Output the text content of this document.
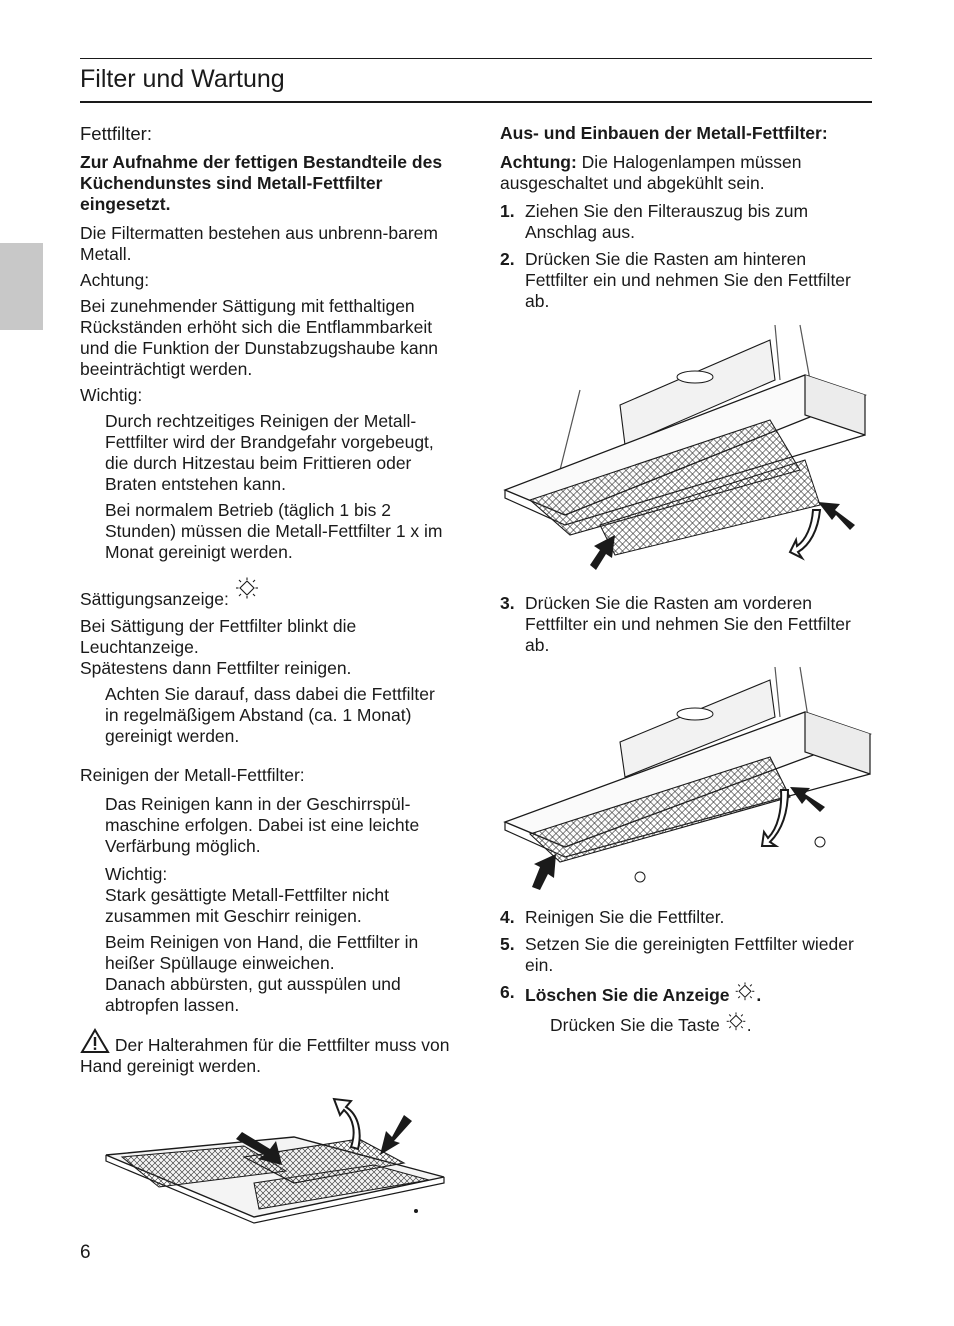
Filter und Wartung

Fettfilter:

Zur Aufnahme der fettigen Bestandteile des Küchendunstes sind Metall-Fettfilter eingesetzt.

Die Filtermatten bestehen aus unbrenn-barem Metall.

Achtung:

Bei zunehmender Sättigung mit fetthaltigen Rückständen erhöht sich die Entflammbarkeit und die Funktion der Dunstabzugshaube kann beeinträchtigt werden.

Wichtig:

Durch rechtzeitiges Reinigen der Metall-Fettfilter wird der Brandgefahr vorgebeugt, die durch Hitzestau beim Frittieren oder Braten entstehen kann.

Bei normalem Betrieb (täglich 1 bis 2 Stunden) müssen die Metall-Fettfilter 1 x im Monat gereinigt werden.

Sättigungsanzeige:

Bei Sättigung der Fettfilter blinkt die Leuchtanzeige.

Spätestens dann Fettfilter reinigen.

Achten Sie darauf, dass dabei die Fettfilter in regelmäßigem Abstand (ca. 1 Monat) gereinigt werden.

Reinigen der Metall-Fettfilter:

Das Reinigen kann in der Geschirrspül-maschine erfolgen. Dabei ist eine leichte Verfärbung möglich.

Wichtig:

Stark gesättigte Metall-Fettfilter nicht zusammen mit Geschirr reinigen.

Beim Reinigen von Hand, die Fettfilter in heißer Spüllauge einweichen.

Danach abbürsten, gut ausspülen und abtropfen lassen.

Der Halterahmen für die Fettfilter muss von Hand gereinigt werden.

Aus- und Einbauen der Metall-Fettfilter:

Achtung: Die Halogenlampen müssen ausgeschaltet und abgekühlt sein.

1. Ziehen Sie den Filterauszug bis zum Anschlag aus.
2. Drücken Sie die Rasten am hinteren Fettfilter ein und nehmen Sie den Fettfilter ab.
3. Drücken Sie die Rasten am vorderen Fettfilter ein und nehmen Sie den Fettfilter ab.
4. Reinigen Sie die Fettfilter.
5. Setzen Sie die gereinigten Fettfilter wieder ein.
6. Löschen Sie die Anzeige .

Drücken Sie die Taste .

6
